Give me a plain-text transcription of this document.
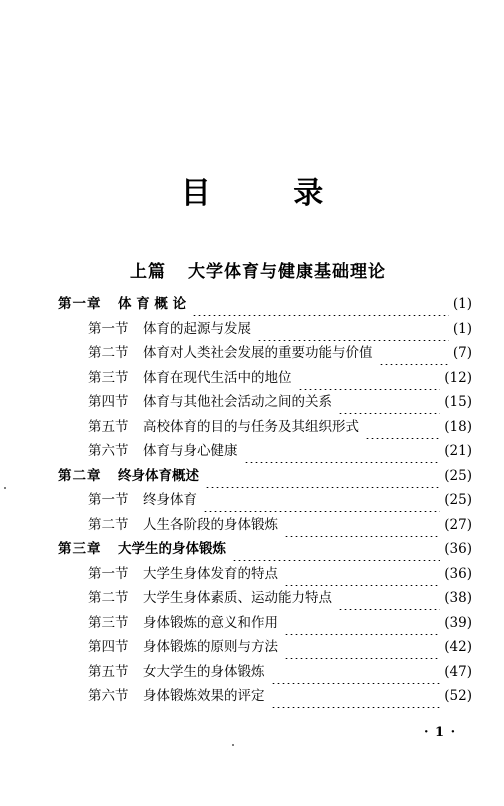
目 录
上篇 大学体育与健康基础理论
第一章	体 育 概 论	(1)
第一节	体育的起源与发展	(1)
第二节	体育对人类社会发展的重要功能与价值	(7)
第三节	体育在现代生活中的地位	(12)
第四节	体育与其他社会活动之间的关系	(15)
第五节	高校体育的目的与任务及其组织形式	(18)
第六节	体育与身心健康	(21)
第二章	终身体育概述	(25)
第一节	终身体育	(25)
第二节	人生各阶段的身体锻炼	(27)
第三章	大学生的身体锻炼	(36)
第一节	大学生身体发育的特点	(36)
第二节	大学生身体素质、运动能力特点	(38)
第三节	身体锻炼的意义和作用	(39)
第四节	身体锻炼的原则与方法	(42)
第五节	女大学生的身体锻炼	(47)
第六节	身体锻炼效果的评定	(52)
· 1 ·
